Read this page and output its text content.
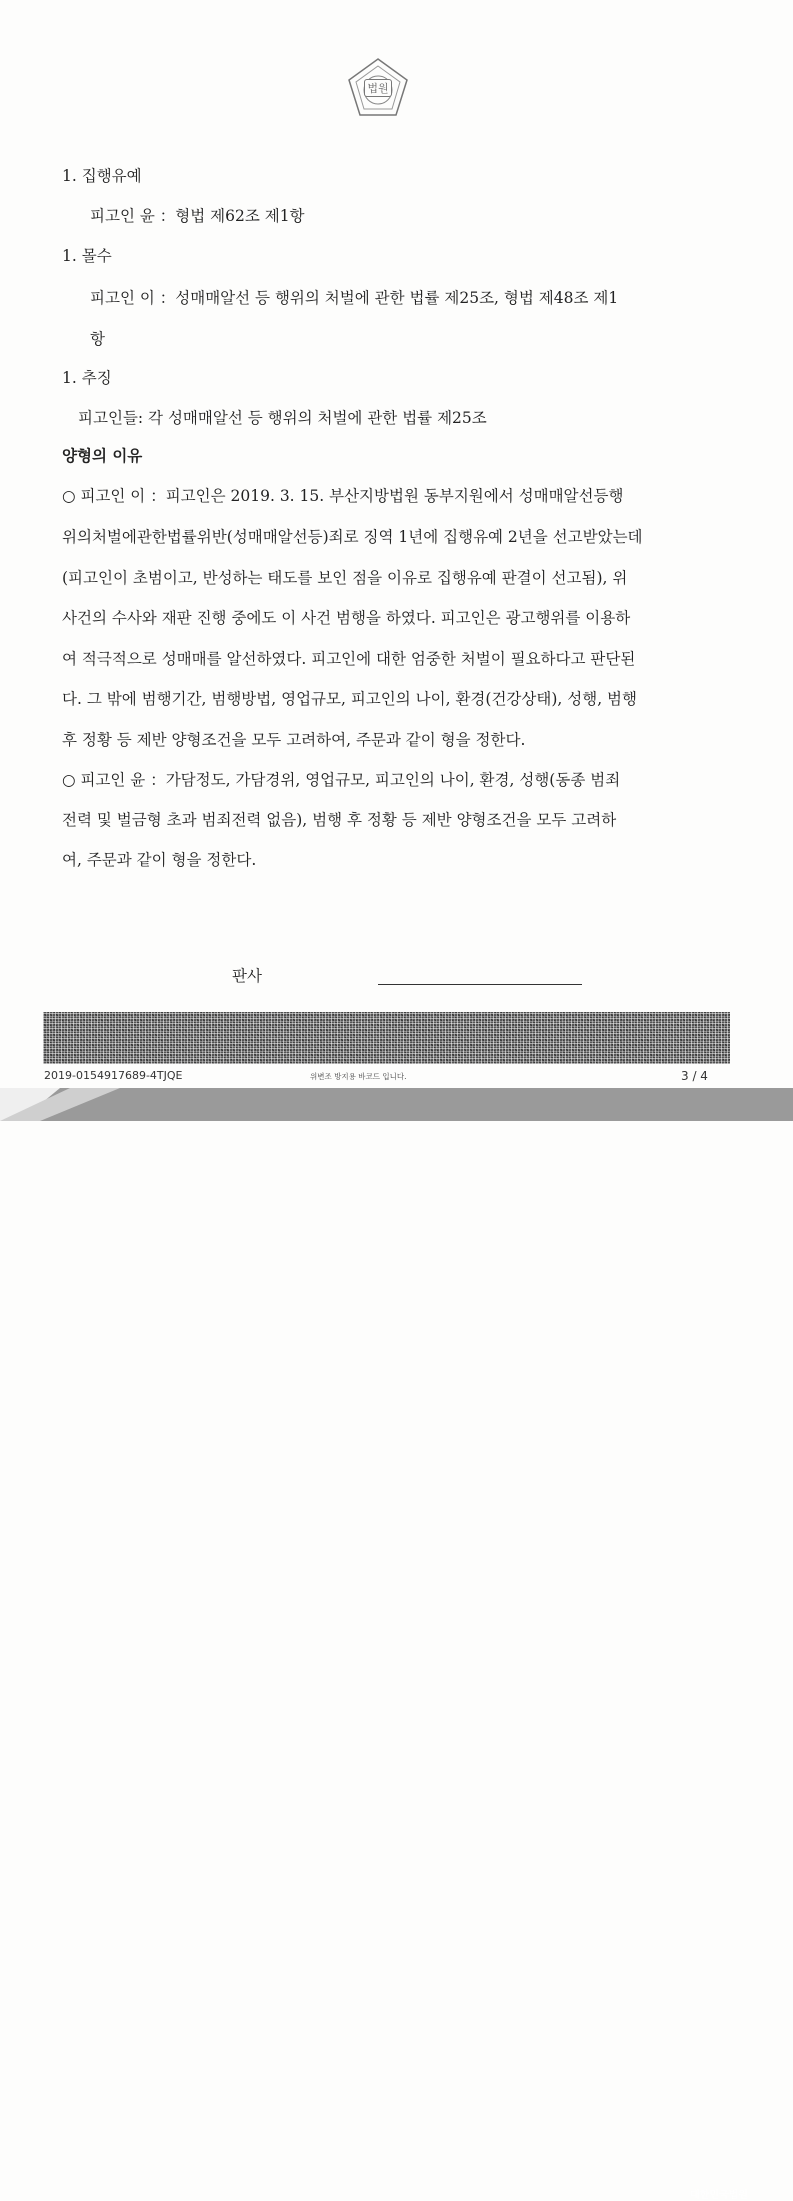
법원
1. 집행유예
피고인 윤 ：형법 제62조 제1항
1. 몰수
피고인 이 ：성매매알선 등 행위의 처벌에 관한 법률 제25조, 형법 제48조 제1
항
1. 추징
피고인들: 각 성매매알선 등 행위의 처벌에 관한 법률 제25조
양형의 이유
○ 피고인 이 ：피고인은 2019. 3. 15. 부산지방법원 동부지원에서 성매매알선등행
위의처벌에관한법률위반(성매매알선등)죄로 징역 1년에 집행유예 2년을 선고받았는데
(피고인이 초범이고, 반성하는 태도를 보인 점을 이유로 집행유예 판결이 선고됨), 위
사건의 수사와 재판 진행 중에도 이 사건 범행을 하였다. 피고인은 광고행위를 이용하
여 적극적으로 성매매를 알선하였다. 피고인에 대한 엄중한 처벌이 필요하다고 판단된
다. 그 밖에 범행기간, 범행방법, 영업규모, 피고인의 나이, 환경(건강상태), 성행, 범행
후 정황 등 제반 양형조건을 모두 고려하여, 주문과 같이 형을 정한다.
○ 피고인 윤 ：가담정도, 가담경위, 영업규모, 피고인의 나이, 환경, 성행(동종 범죄
전력 및 벌금형 초과 범죄전력 없음), 범행 후 정황 등 제반 양형조건을 모두 고려하
여, 주문과 같이 형을 정한다.
판사
2019-0154917689-4TJQE	위변조 방지용 바코드 입니다.	3 / 4
대한민국법원
